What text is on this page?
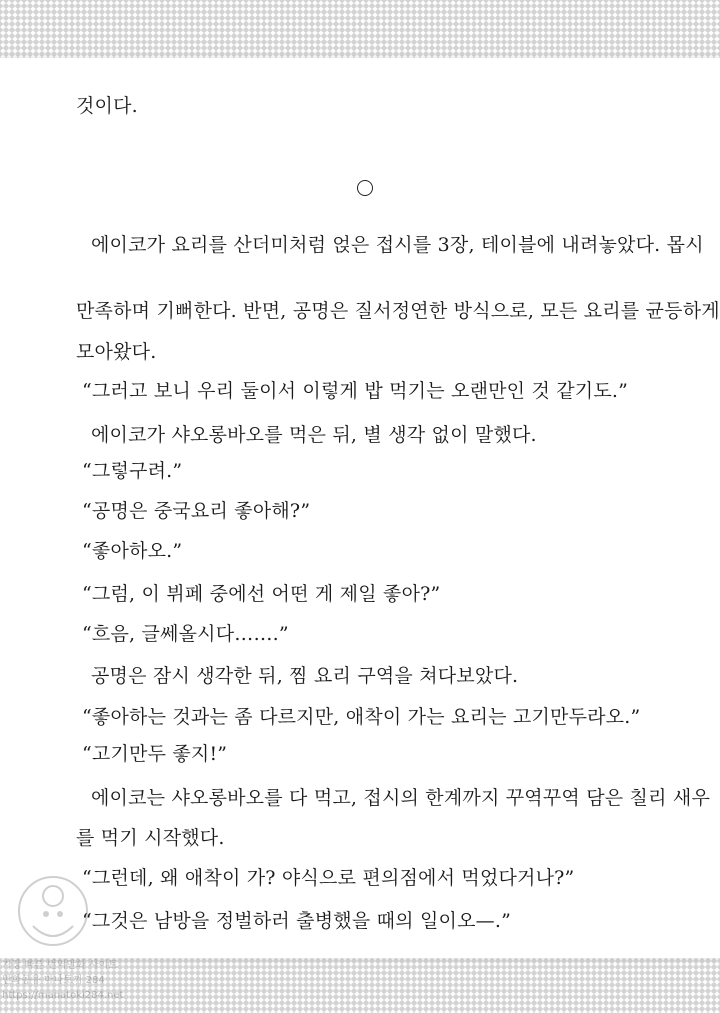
것이다.
에이코가 요리를 산더미처럼 얹은 접시를 3장, 테이블에 내려놓았다. 몹시
만족하며 기뻐한다. 반면, 공명은 질서정연한 방식으로, 모든 요리를 균등하게
모아왔다.
“그러고 보니 우리 둘이서 이렇게 밥 먹기는 오랜만인 것 같기도.”
에이코가 샤오롱바오를 먹은 뒤, 별 생각 없이 말했다.
“그렇구려.”
“공명은 중국요리 좋아해?”
“좋아하오.”
“그럼, 이 뷔페 중에선 어떤 게 제일 좋아?”
“흐음, 글쎄올시다…….”
공명은 잠시 생각한 뒤, 찜 요리 구역을 쳐다보았다.
“좋아하는 것과는 좀 다르지만, 애착이 가는 요리는 고기만두라오.”
“고기만두 좋지!”
에이코는 샤오롱바오를 다 먹고, 접시의 한계까지 꾸역꾸역 담은 칠리 새우
를 먹기 시작했다.
“그런데, 왜 애착이 가? 야식으로 편의점에서 먹었다거나?”
“그것은 남방을 정벌하러 출병했을 때의 일이오—.”
가장 빠른 번역만화 사이트
만화공유 마나토끼 284
https://manatoki284.net
